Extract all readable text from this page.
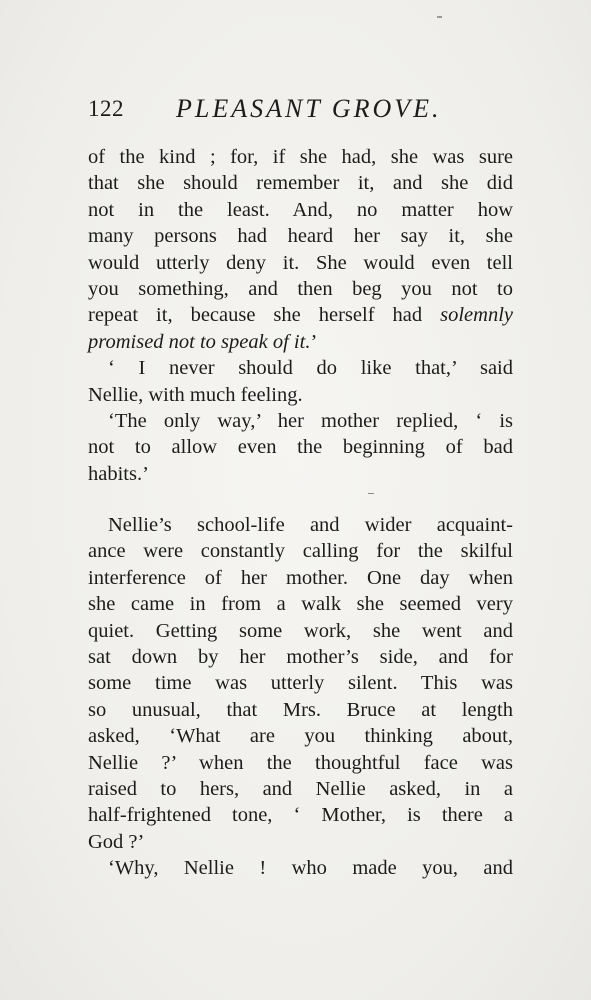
122 PLEASANT GROVE.
of the kind ; for, if she had, she was sure
that she should remember it, and she did
not in the least. And, no matter how
many persons had heard her say it, she
would utterly deny it. She would even tell
you something, and then beg you not to
repeat it, because she herself had solemnly
promised not to speak of it.’
‘ I never should do like that,’ said
Nellie, with much feeling.
‘The only way,’ her mother replied, ‘ is
not to allow even the beginning of bad
habits.’
Nellie’s school-life and wider acquaint-
ance were constantly calling for the skilful
interference of her mother. One day when
she came in from a walk she seemed very
quiet. Getting some work, she went and
sat down by her mother’s side, and for
some time was utterly silent. This was
so unusual, that Mrs. Bruce at length
asked, ‘What are you thinking about,
Nellie ?’ when the thoughtful face was
raised to hers, and Nellie asked, in a
half-frightened tone, ‘ Mother, is there a
God ?’
‘Why, Nellie ! who made you, and
